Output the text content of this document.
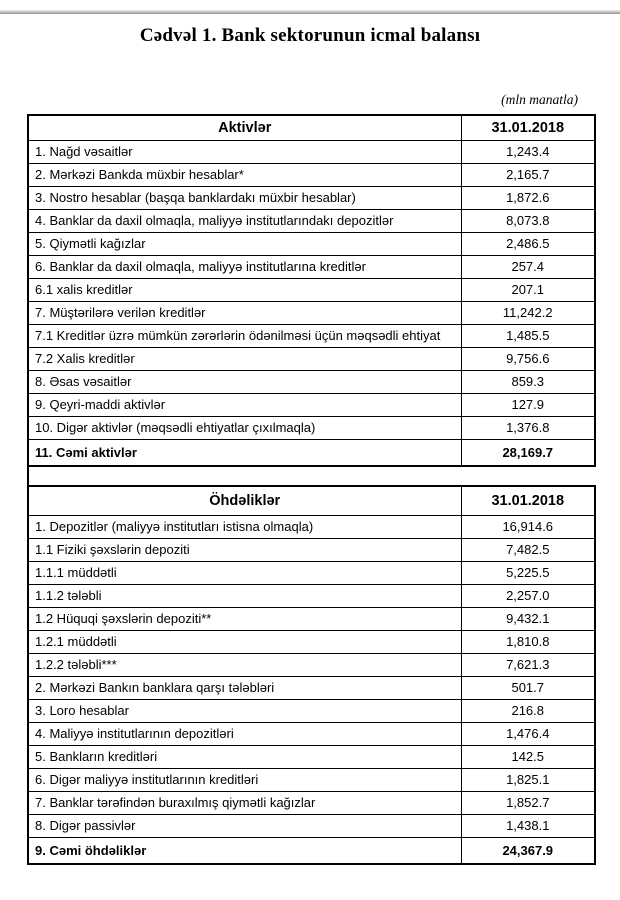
Cədvəl 1. Bank sektorunun icmal balansı
(mln manatla)
Aktivlər	31.01.2018
1. Nağd vəsaitlər	1,243.4
2. Mərkəzi Bankda müxbir hesablar*	2,165.7
3. Nostro hesablar (başqa banklardakı müxbir hesablar)	1,872.6
4. Banklar da daxil olmaqla, maliyyə institutlarındakı depozitlər	8,073.8
5. Qiymətli kağızlar	2,486.5
6. Banklar da daxil olmaqla, maliyyə institutlarına kreditlər	257.4
6.1 xalis kreditlər	207.1
7. Müştərilərə verilən kreditlər	11,242.2
7.1 Kreditlər üzrə mümkün zərərlərin ödənilməsi üçün məqsədli ehtiyat	1,485.5
7.2 Xalis kreditlər	9,756.6
8. Əsas vəsaitlər	859.3
9. Qeyri-maddi aktivlər	127.9
10. Digər aktivlər (məqsədli ehtiyatlar çıxılmaqla)	1,376.8
11. Cəmi aktivlər	28,169.7
Öhdəliklər	31.01.2018
1. Depozitlər (maliyyə institutları istisna olmaqla)	16,914.6
1.1 Fiziki şəxslərin depoziti	7,482.5
1.1.1 müddətli	5,225.5
1.1.2 tələbli	2,257.0
1.2 Hüquqi şəxslərin depoziti**	9,432.1
1.2.1 müddətli	1,810.8
1.2.2 tələbli***	7,621.3
2. Mərkəzi Bankın banklara qarşı tələbləri	501.7
3. Loro hesablar	216.8
4. Maliyyə institutlarının depozitləri	1,476.4
5. Bankların kreditləri	142.5
6. Digər maliyyə institutlarının kreditləri	1,825.1
7. Banklar tərəfindən buraxılmış qiymətli kağızlar	1,852.7
8. Digər passivlər	1,438.1
9. Cəmi öhdəliklər	24,367.9
